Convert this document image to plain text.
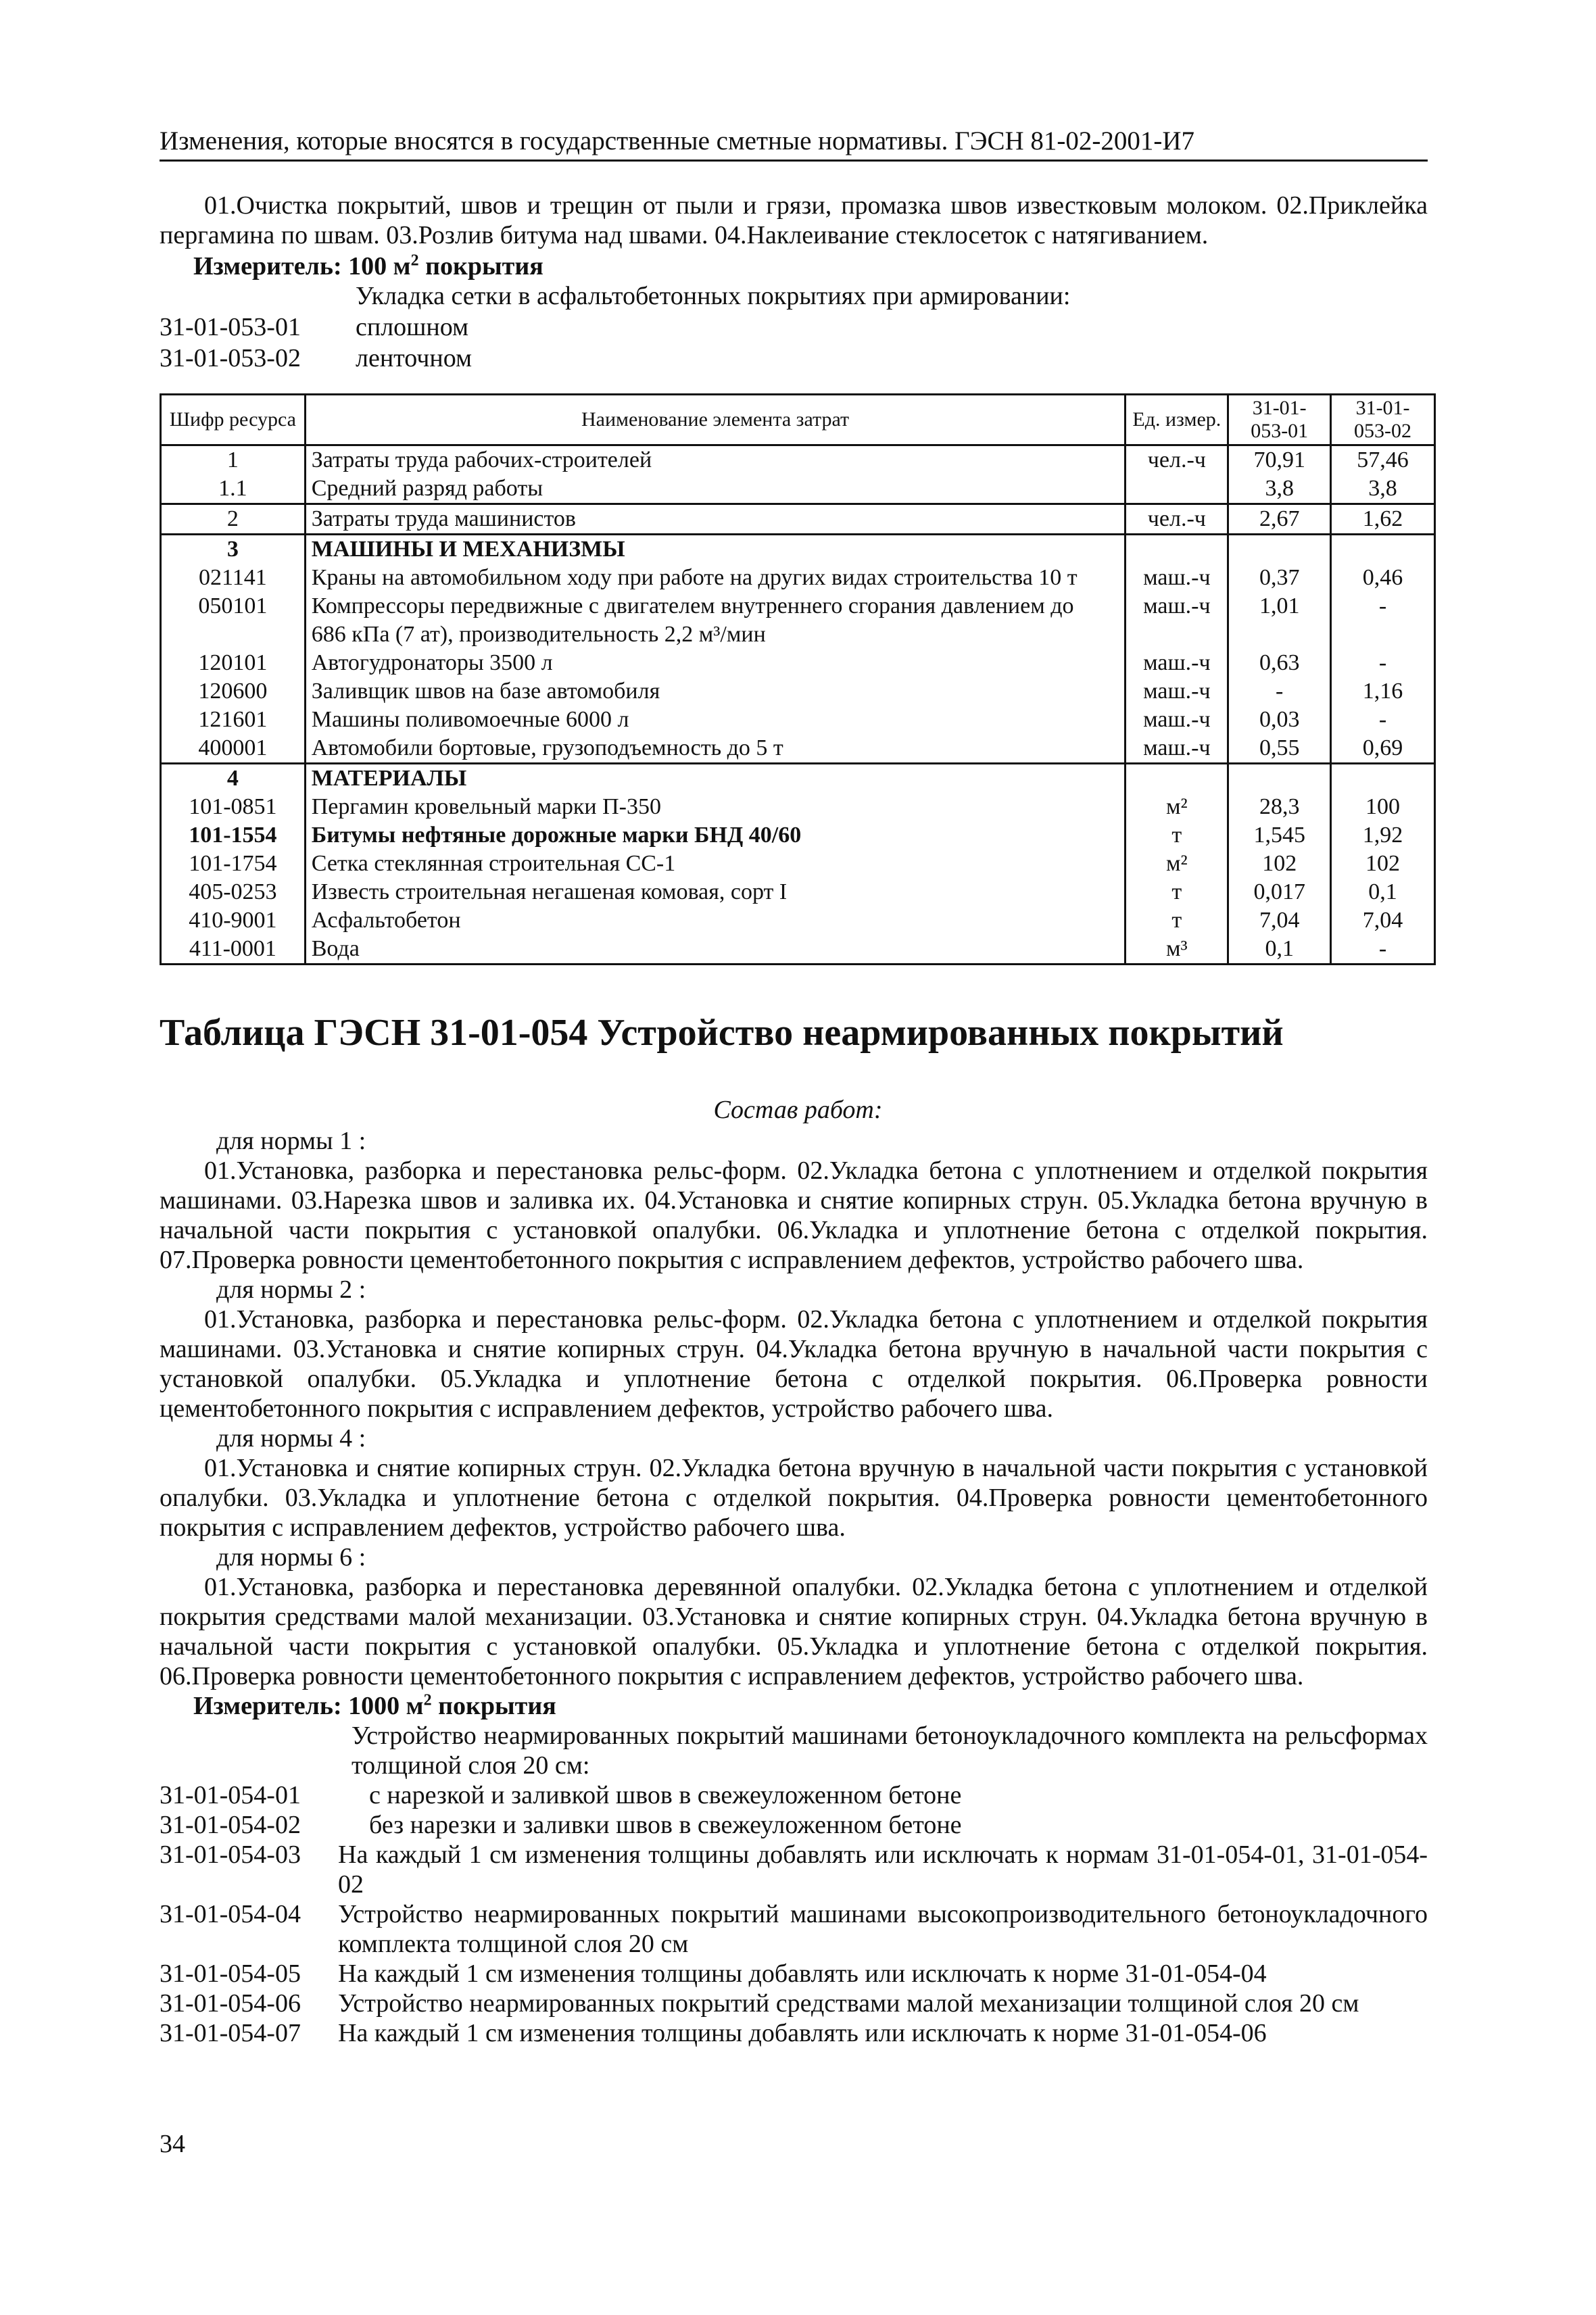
Изменения, которые вносятся в государственные сметные нормативы. ГЭСН 81-02-2001-И7
01.Очистка покрытий, швов и трещин от пыли и грязи, промазка швов известковым молоком. 02.Приклейка пергамина по швам. 03.Розлив битума над швами. 04.Наклеивание стеклосеток с натягиванием.
Измеритель: 100 $м^2$ покрытия
Укладка сетки в асфальтобетонных покрытиях при армировании:
31-01-053-01 сплошном
31-01-053-02 ленточном
Шифр ресурса	Наименование элемента затрат	Ед. измер.	31-01-053-01	31-01-053-02
1	Затраты труда рабочих-строителей	чел.-ч	70,91	57,46
1.1	Средний разряд работы		3,8	3,8
2	Затраты труда машинистов	чел.-ч	2,67	1,62
3	МАШИНЫ И МЕХАНИЗМЫ			
021141	Краны на автомобильном ходу при работе на других видах строительства 10 т	маш.-ч	0,37	0,46
050101	Компрессоры передвижные с двигателем внутреннего сгорания давлением до	маш.-ч	1,01	-
	686 кПа (7 ат), производительность 2,2 м³/мин			
120101	Автогудронаторы 3500 л	маш.-ч	0,63	-
120600	Заливщик швов на базе автомобиля	маш.-ч	-	1,16
121601	Машины поливомоечные 6000 л	маш.-ч	0,03	-
400001	Автомобили бортовые, грузоподъемность до 5 т	маш.-ч	0,55	0,69
4	МАТЕРИАЛЫ			
101-0851	Пергамин кровельный марки П-350	м²	28,3	100
101-1554	Битумы нефтяные дорожные марки БНД 40/60	т	1,545	1,92
101-1754	Сетка стеклянная строительная СС-1	м²	102	102
405-0253	Известь строительная негашеная комовая, сорт I	т	0,017	0,1
410-9001	Асфальтобетон	т	7,04	7,04
411-0001	Вода	м³	0,1	-
Таблица ГЭСН 31-01-054 Устройство неармированных покрытий
Состав работ:
для нормы 1 :
01.Установка, разборка и перестановка рельс-форм. 02.Укладка бетона с уплотнением и отделкой покрытия машинами. 03.Нарезка швов и заливка их. 04.Установка и снятие копирных струн. 05.Укладка бетона вручную в начальной части покрытия с установкой опалубки. 06.Укладка и уплотнение бетона с отделкой покрытия. 07.Проверка ровности цементобетонного покрытия с исправлением дефектов, устройство рабочего шва.
для нормы 2 :
01.Установка, разборка и перестановка рельс-форм. 02.Укладка бетона с уплотнением и отделкой покрытия машинами. 03.Установка и снятие копирных струн. 04.Укладка бетона вручную в начальной части покрытия с установкой опалубки. 05.Укладка и уплотнение бетона с отделкой покрытия. 06.Проверка ровности цементобетонного покрытия с исправлением дефектов, устройство рабочего шва.
для нормы 4 :
01.Установка и снятие копирных струн. 02.Укладка бетона вручную в начальной части покрытия с установкой опалубки. 03.Укладка и уплотнение бетона с отделкой покрытия. 04.Проверка ровности цементобетонного покрытия с исправлением дефектов, устройство рабочего шва.
для нормы 6 :
01.Установка, разборка и перестановка деревянной опалубки. 02.Укладка бетона с уплотнением и отделкой покрытия средствами малой механизации. 03.Установка и снятие копирных струн. 04.Укладка бетона вручную в начальной части покрытия с установкой опалубки. 05.Укладка и уплотнение бетона с отделкой покрытия. 06.Проверка ровности цементобетонного покрытия с исправлением дефектов, устройство рабочего шва.
Измеритель: 1000 $м^2$ покрытия
Устройство неармированных покрытий машинами бетоноукладочного комплекта на рельсформах толщиной слоя 20 см:
31-01-054-01	с нарезкой и заливкой швов в свежеуложенном бетоне
31-01-054-02	без нарезки и заливки швов в свежеуложенном бетоне
31-01-054-03	На каждый 1 см изменения толщины добавлять или исключать к нормам 31-01-054-01, 31-01-054-02
31-01-054-04	Устройство неармированных покрытий машинами высокопроизводительного бетоноукладочного комплекта толщиной слоя 20 см
31-01-054-05	На каждый 1 см изменения толщины добавлять или исключать к норме 31-01-054-04
31-01-054-06	Устройство неармированных покрытий средствами малой механизации толщиной слоя 20 см
31-01-054-07	На каждый 1 см изменения толщины добавлять или исключать к норме 31-01-054-06
34
